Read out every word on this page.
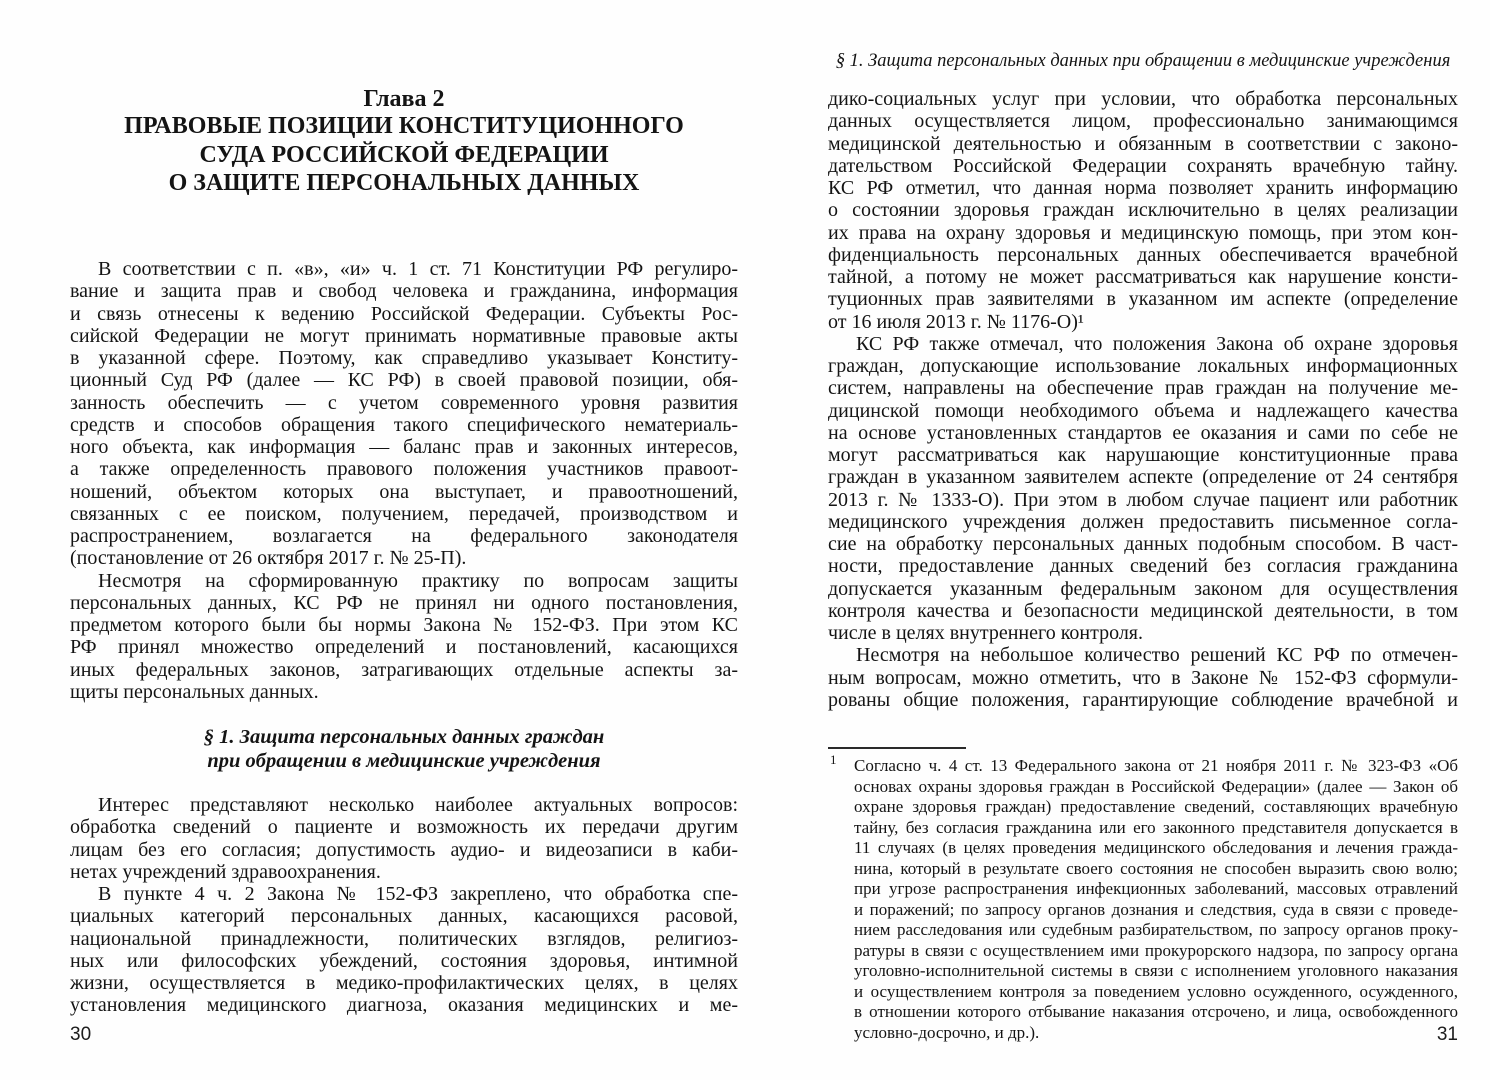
Глава 2
ПРАВОВЫЕ ПОЗИЦИИ КОНСТИТУЦИОННОГО
СУДА РОССИЙСКОЙ ФЕДЕРАЦИИ
О ЗАЩИТЕ ПЕРСОНАЛЬНЫХ ДАННЫХ
В соответствии с п. «в», «и» ч. 1 ст. 71 Конституции РФ регулиро-
вание и защита прав и свобод человека и гражданина, информация
и связь отнесены к ведению Российской Федерации. Субъекты Рос-
сийской Федерации не могут принимать нормативные правовые акты
в указанной сфере. Поэтому, как справедливо указывает Конститу-
ционный Суд РФ (далее — КС РФ) в своей правовой позиции, обя-
занность обеспечить — с учетом современного уровня развития
средств и способов обращения такого специфического нематериаль-
ного объекта, как информация — баланс прав и законных интересов,
а также определенность правового положения участников правоот-
ношений, объектом которых она выступает, и правоотношений,
связанных с ее поиском, получением, передачей, производством и
распространением, возлагается на федерального законодателя
(постановление от 26 октября 2017 г. № 25-П).
Несмотря на сформированную практику по вопросам защиты
персональных данных, КС РФ не принял ни одного постановления,
предметом которого были бы нормы Закона № 152-ФЗ. При этом КС
РФ принял множество определений и постановлений, касающихся
иных федеральных законов, затрагивающих отдельные аспекты за-
щиты персональных данных.
§ 1. Защита персональных данных граждан
при обращении в медицинские учреждения
Интерес представляют несколько наиболее актуальных вопросов:
обработка сведений о пациенте и возможность их передачи другим
лицам без его согласия; допустимость аудио- и видеозаписи в каби-
нетах учреждений здравоохранения.
В пункте 4 ч. 2 Закона № 152-ФЗ закреплено, что обработка спе-
циальных категорий персональных данных, касающихся расовой,
национальной принадлежности, политических взглядов, религиоз-
ных или философских убеждений, состояния здоровья, интимной
жизни, осуществляется в медико-профилактических целях, в целях
установления медицинского диагноза, оказания медицинских и ме-
30
§ 1. Защита персональных данных при обращении в медицинские учреждения
дико-социальных услуг при условии, что обработка персональных
данных осуществляется лицом, профессионально занимающимся
медицинской деятельностью и обязанным в соответствии с законо-
дательством Российской Федерации сохранять врачебную тайну.
КС РФ отметил, что данная норма позволяет хранить информацию
о состоянии здоровья граждан исключительно в целях реализации
их права на охрану здоровья и медицинскую помощь, при этом кон-
фиденциальность персональных данных обеспечивается врачебной
тайной, а потому не может рассматриваться как нарушение консти-
туционных прав заявителями в указанном им аспекте (определение
от 16 июля 2013 г. № 1176-О)¹
КС РФ также отмечал, что положения Закона об охране здоровья
граждан, допускающие использование локальных информационных
систем, направлены на обеспечение прав граждан на получение ме-
дицинской помощи необходимого объема и надлежащего качества
на основе установленных стандартов ее оказания и сами по себе не
могут рассматриваться как нарушающие конституционные права
граждан в указанном заявителем аспекте (определение от 24 сентября
2013 г. № 1333-О). При этом в любом случае пациент или работник
медицинского учреждения должен предоставить письменное согла-
сие на обработку персональных данных подобным способом. В част-
ности, предоставление данных сведений без согласия гражданина
допускается указанным федеральным законом для осуществления
контроля качества и безопасности медицинской деятельности, в том
числе в целях внутреннего контроля.
Несмотря на небольшое количество решений КС РФ по отмечен-
ным вопросам, можно отметить, что в Законе № 152-ФЗ сформули-
рованы общие положения, гарантирующие соблюдение врачебной и
1 Согласно ч. 4 ст. 13 Федерального закона от 21 ноября 2011 г. № 323-ФЗ «Об
основах охраны здоровья граждан в Российской Федерации» (далее — Закон об
охране здоровья граждан) предоставление сведений, составляющих врачебную
тайну, без согласия гражданина или его законного представителя допускается в
11 случаях (в целях проведения медицинского обследования и лечения гражда-
нина, который в результате своего состояния не способен выразить свою волю;
при угрозе распространения инфекционных заболеваний, массовых отравлений
и поражений; по запросу органов дознания и следствия, суда в связи с проведе-
нием расследования или судебным разбирательством, по запросу органов проку-
ратуры в связи с осуществлением ими прокурорского надзора, по запросу органа
уголовно-исполнительной системы в связи с исполнением уголовного наказания
и осуществлением контроля за поведением условно осужденного, осужденного,
в отношении которого отбывание наказания отсрочено, и лица, освобожденного
условно-досрочно, и др.).	31
